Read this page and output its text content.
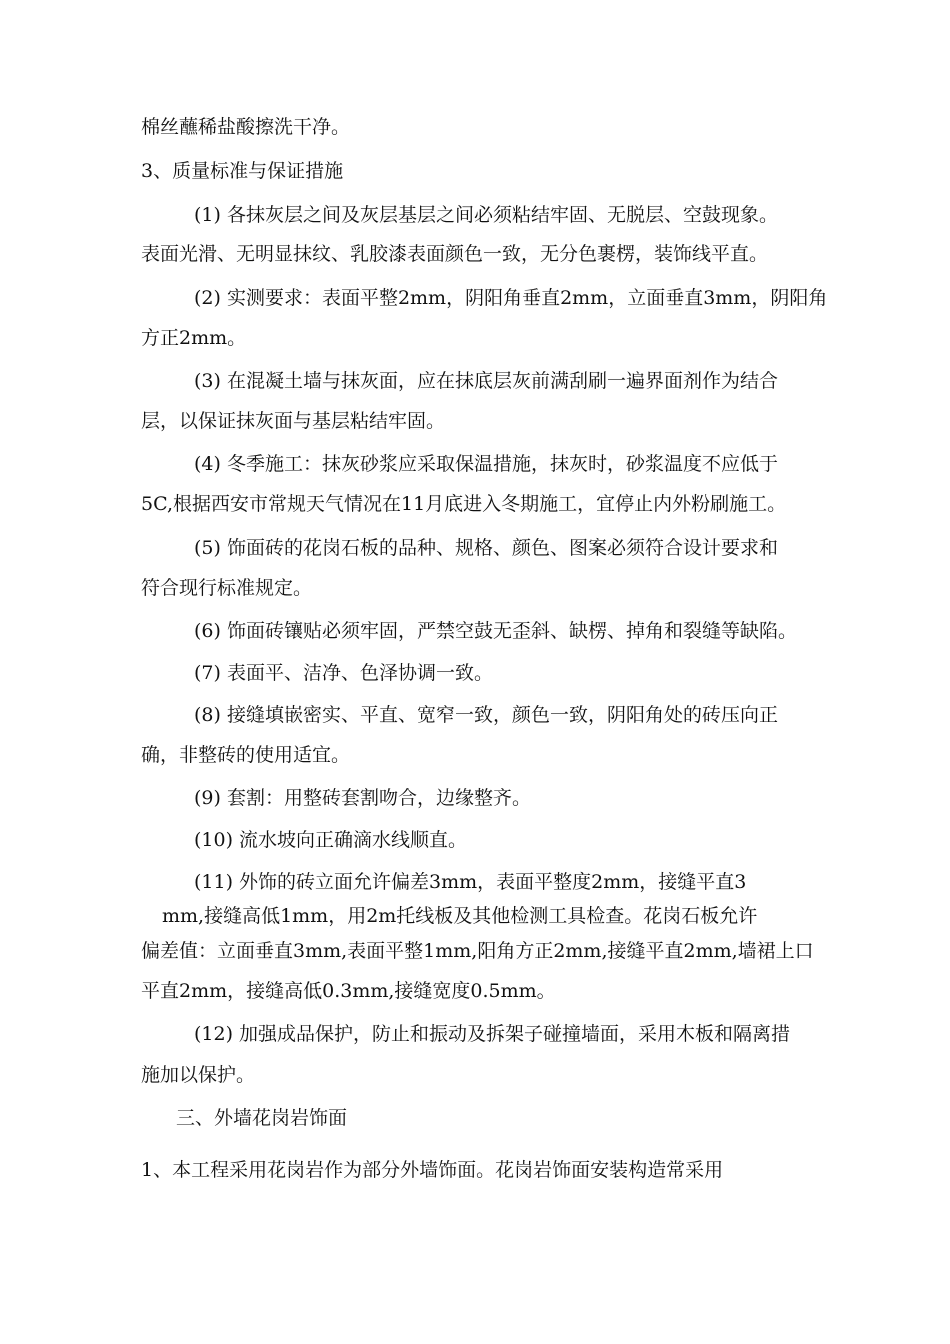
棉丝蘸稀盐酸擦洗干净。
3、质量标准与保证措施
(1) 各抹灰层之间及灰层基层之间必须粘结牢固、无脱层、空鼓现象。
表面光滑、无明显抹纹、乳胶漆表面颜色一致，无分色裹楞，装饰线平直。
(2) 实测要求：表面平整2mm，阴阳角垂直2mm，立面垂直3mm，阴阳角
方正2mm。
(3) 在混凝土墙与抹灰面，应在抹底层灰前满刮刷一遍界面剂作为结合
层，以保证抹灰面与基层粘结牢固。
(4) 冬季施工：抹灰砂浆应采取保温措施，抹灰时，砂浆温度不应低于
5C,根据西安市常规天气情况在11月底进入冬期施工，宜停止内外粉刷施工。
(5) 饰面砖的花岗石板的品种、规格、颜色、图案必须符合设计要求和
符合现行标准规定。
(6) 饰面砖镶贴必须牢固，严禁空鼓无歪斜、缺楞、掉角和裂缝等缺陷。
(7) 表面平、洁净、色泽协调一致。
(8) 接缝填嵌密实、平直、宽窄一致，颜色一致，阴阳角处的砖压向正
确，非整砖的使用适宜。
(9) 套割：用整砖套割吻合，边缘整齐。
(10) 流水坡向正确滴水线顺直。
(11) 外饰的砖立面允许偏差3mm，表面平整度2mm，接缝平直3
mm,接缝高低1mm，用2m托线板及其他检测工具检查。花岗石板允许
偏差值：立面垂直3mm,表面平整1mm,阳角方正2mm,接缝平直2mm,墙裙上口
平直2mm，接缝高低0.3mm,接缝宽度0.5mm。
(12) 加强成品保护，防止和振动及拆架子碰撞墙面，采用木板和隔离措
施加以保护。
三、外墙花岗岩饰面
1、本工程采用花岗岩作为部分外墙饰面。花岗岩饰面安装构造常采用
